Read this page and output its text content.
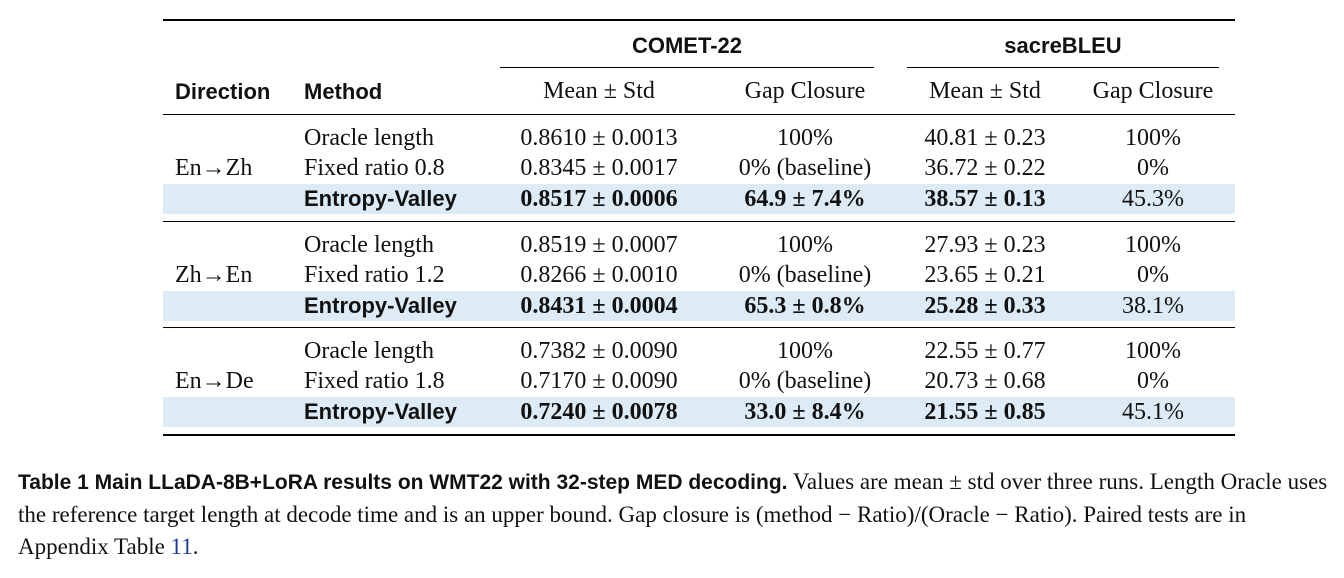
COMET-22	sacreBLEU
Direction Method	Mean ± Std	Gap Closure	Mean ± Std	Gap Closure
En→Zh
Oracle length	0.8610 ± 0.0013	100%	40.81 ± 0.23	100%
Fixed ratio 0.8	0.8345 ± 0.0017	0% (baseline)	36.72 ± 0.22	0%
Entropy-Valley	0.8517 ± 0.0006	64.9 ± 7.4%	38.57 ± 0.13	45.3%
Zh→En
Oracle length	0.8519 ± 0.0007	100%	27.93 ± 0.23	100%
Fixed ratio 1.2	0.8266 ± 0.0010	0% (baseline)	23.65 ± 0.21	0%
Entropy-Valley	0.8431 ± 0.0004	65.3 ± 0.8%	25.28 ± 0.33	38.1%
En→De
Oracle length	0.7382 ± 0.0090	100%	22.55 ± 0.77	100%
Fixed ratio 1.8	0.7170 ± 0.0090	0% (baseline)	20.73 ± 0.68	0%
Entropy-Valley	0.7240 ± 0.0078	33.0 ± 8.4%	21.55 ± 0.85	45.1%
Table 1 Main LLaDA-8B+LoRA results on WMT22 with 32-step MED decoding. Values are mean ± std over three runs. Length Oracle uses the reference target length at decode time and is an upper bound. Gap closure is (method − Ratio)/(Oracle − Ratio). Paired tests are in Appendix Table 11.
